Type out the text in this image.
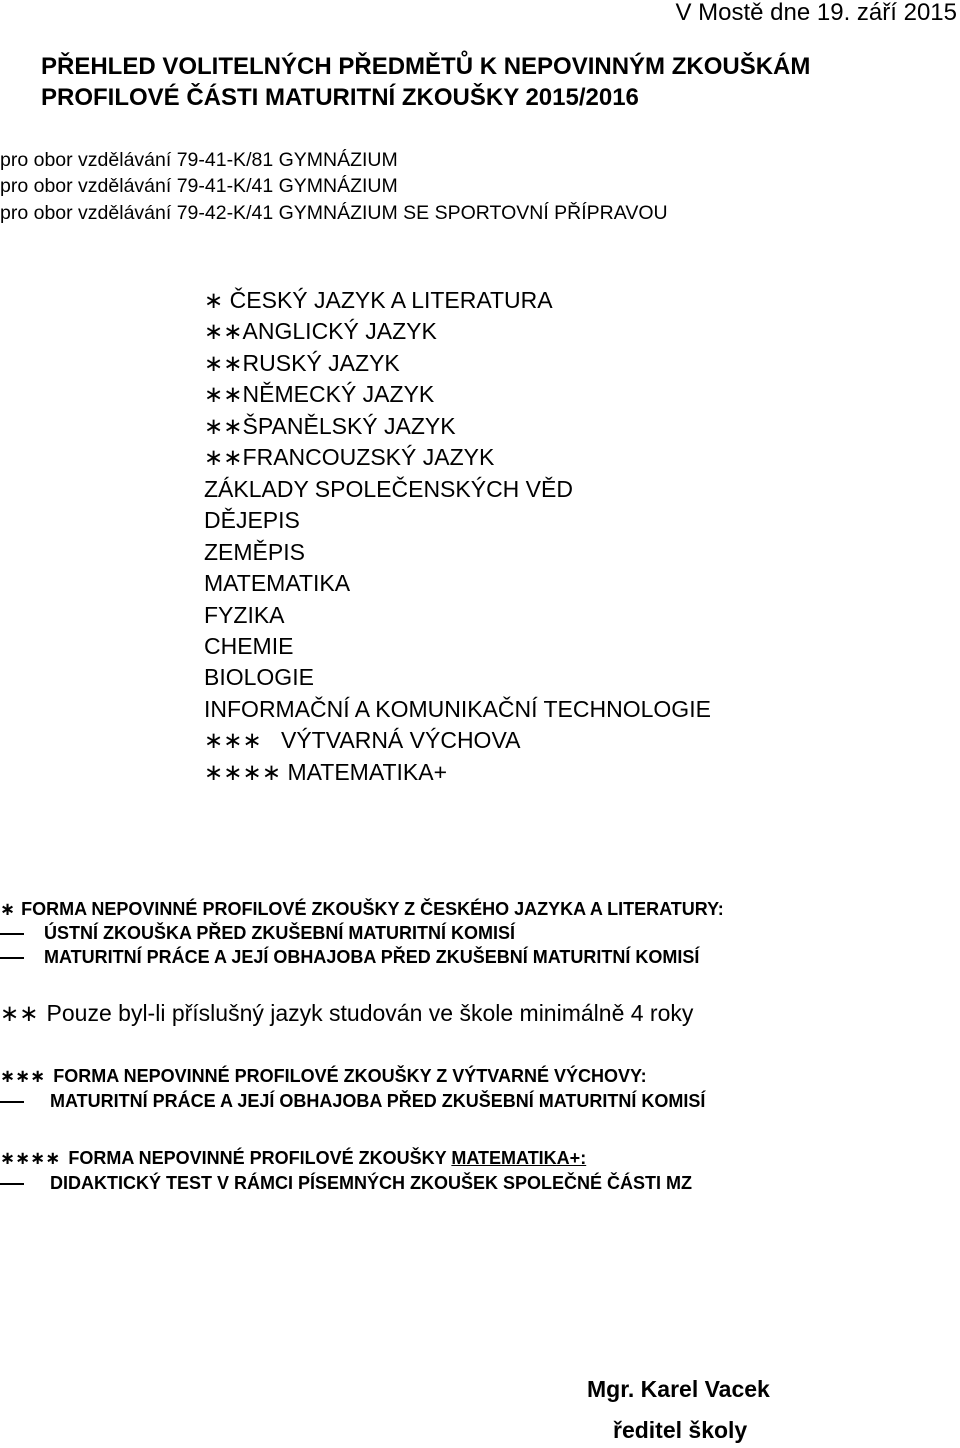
V Mostě dne 19. září 2015
PŘEHLED VOLITELNÝCH PŘEDMĚTŮ K NEPOVINNÝM ZKOUŠKÁM
PROFILOVÉ ČÁSTI MATURITNÍ ZKOUŠKY 2015/2016
pro obor vzdělávání 79-41-K/81 GYMNÁZIUM
pro obor vzdělávání 79-41-K/41 GYMNÁZIUM
pro obor vzdělávání 79-42-K/41 GYMNÁZIUM SE SPORTOVNÍ PŘÍPRAVOU
∗ ČESKÝ JAZYK A LITERATURA
∗∗ANGLICKÝ JAZYK
∗∗RUSKÝ JAZYK
∗∗NĚMECKÝ JAZYK
∗∗ŠPANĚLSKÝ JAZYK
∗∗FRANCOUZSKÝ JAZYK
ZÁKLADY SPOLEČENSKÝCH VĚD
DĚJEPIS
ZEMĚPIS
MATEMATIKA
FYZIKA
CHEMIE
BIOLOGIE
INFORMAČNÍ A KOMUNIKAČNÍ TECHNOLOGIE
∗∗∗   VÝTVARNÁ VÝCHOVA
∗∗∗∗ MATEMATIKA+
∗ FORMA NEPOVINNÉ PROFILOVÉ ZKOUŠKY Z ČESKÉHO JAZYKA A LITERATURY:
ÚSTNÍ ZKOUŠKA PŘED ZKUŠEBNÍ MATURITNÍ KOMISÍ
MATURITNÍ PRÁCE A JEJÍ OBHAJOBA PŘED ZKUŠEBNÍ MATURITNÍ KOMISÍ
∗∗ Pouze byl-li příslušný jazyk studován ve škole minimálně 4 roky
∗∗∗ FORMA NEPOVINNÉ PROFILOVÉ ZKOUŠKY Z VÝTVARNÉ VÝCHOVY:
MATURITNÍ PRÁCE A JEJÍ OBHAJOBA PŘED ZKUŠEBNÍ MATURITNÍ KOMISÍ
∗∗∗∗ FORMA NEPOVINNÉ PROFILOVÉ ZKOUŠKY MATEMATIKA+:
DIDAKTICKÝ TEST V RÁMCI PÍSEMNÝCH ZKOUŠEK SPOLEČNÉ ČÁSTI MZ
Mgr. Karel Vacek
ředitel školy
